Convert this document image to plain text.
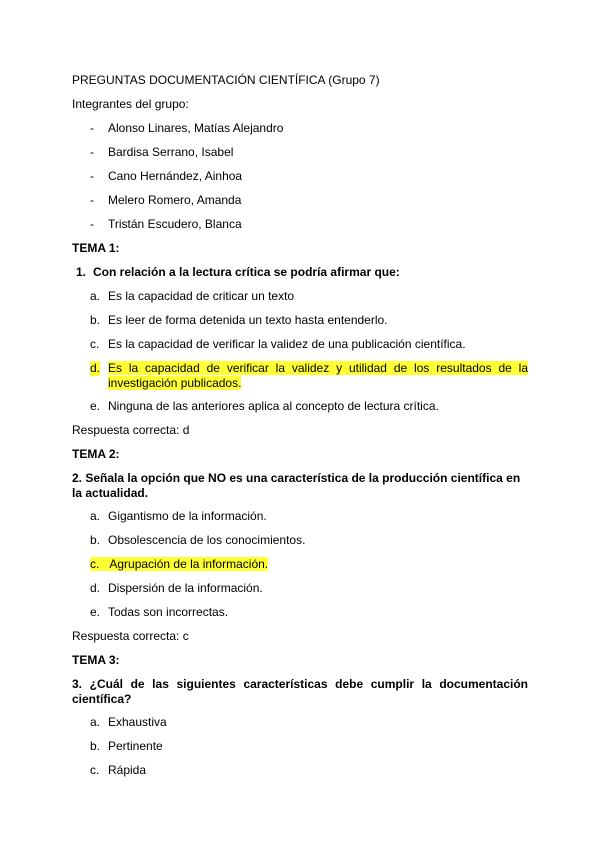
PREGUNTAS DOCUMENTACIÓN CIENTÍFICA (Grupo 7)
Integrantes del grupo:
- Alonso Linares, Matías Alejandro
- Bardisa Serrano, Isabel
- Cano Hernández, Ainhoa
- Melero Romero, Amanda
- Tristán Escudero, Blanca
TEMA 1:
1. Con relación a la lectura crítica se podría afirmar que:
a. Es la capacidad de criticar un texto
b. Es leer de forma detenida un texto hasta entenderlo.
c. Es la capacidad de verificar la validez de una publicación científica.
d. Es la capacidad de verificar la validez y utilidad de los resultados de la investigación publicados.
e. Ninguna de las anteriores aplica al concepto de lectura crítica.
Respuesta correcta: d
TEMA 2:
2. Señala la opción que NO es una característica de la producción científica en la actualidad.
a. Gigantismo de la información.
b. Obsolescencia de los conocimientos.
c. Agrupación de la información.
d. Dispersión de la información.
e. Todas son incorrectas.
Respuesta correcta: c
TEMA 3:
3. ¿Cuál de las siguientes características debe cumplir la documentación científica?
a. Exhaustiva
b. Pertinente
c. Rápida
